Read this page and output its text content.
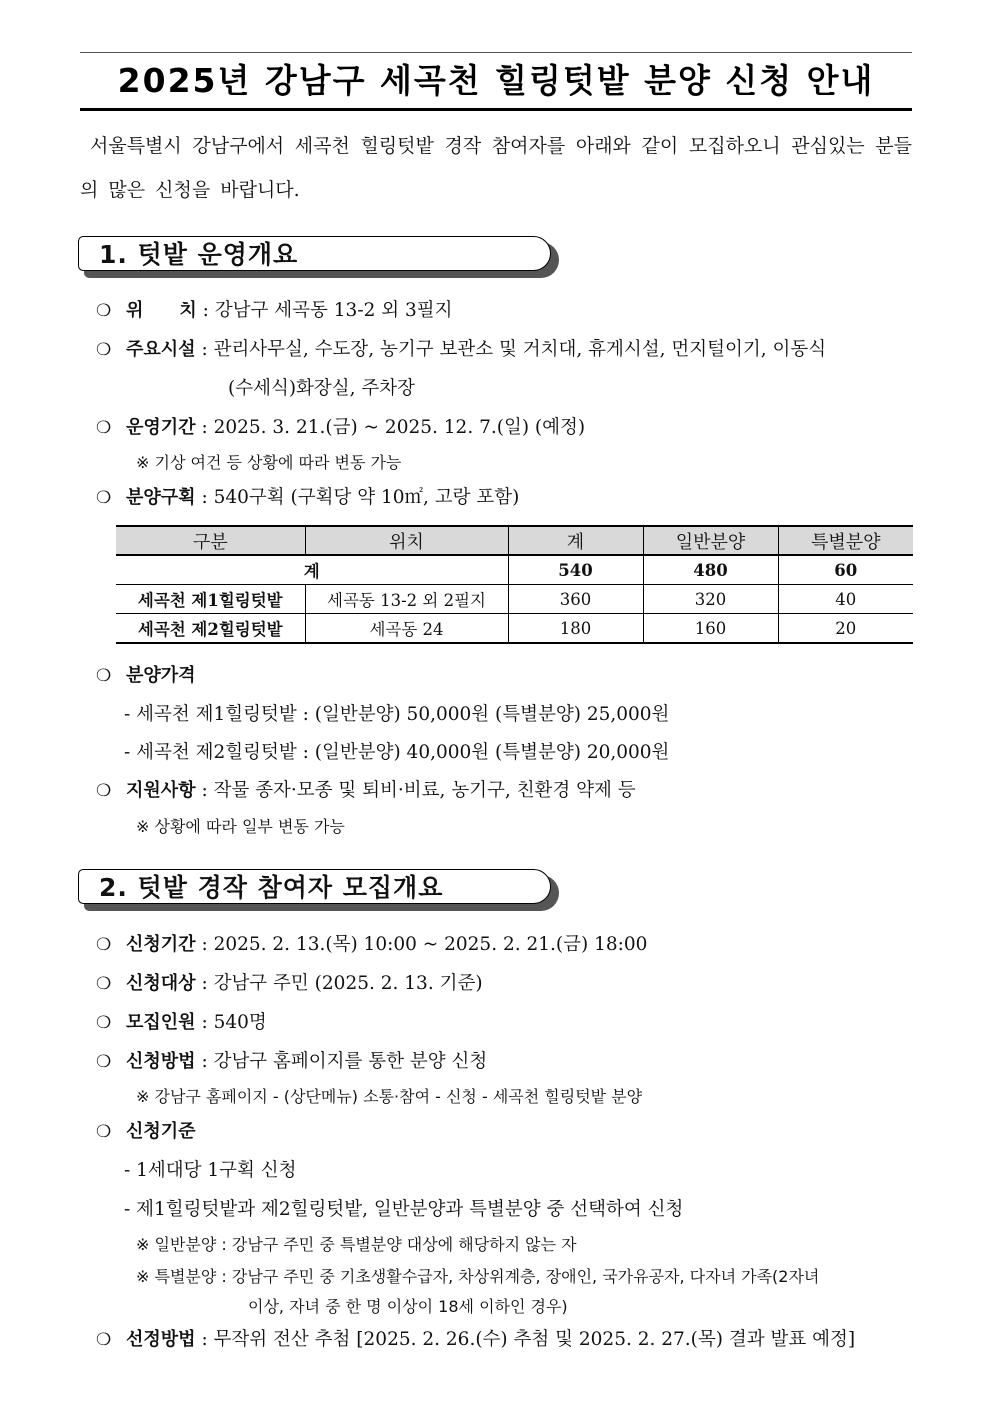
2025년 강남구 세곡천 힐링텃밭 분양 신청 안내
서울특별시 강남구에서 세곡천 힐링텃밭 경작 참여자를 아래와 같이 모집하오니 관심있는 분들의 많은 신청을 바랍니다.
1. 텃밭 운영개요
❍ 위　　치 : 강남구 세곡동 13-2 외 3필지
❍ 주요시설 : 관리사무실, 수도장, 농기구 보관소 및 거치대, 휴게시설, 먼지털이기, 이동식
(수세식)화장실, 주차장
❍ 운영기간 : 2025. 3. 21.(금) ~ 2025. 12. 7.(일) (예정)
※ 기상 여건 등 상황에 따라 변동 가능
❍ 분양구획 : 540구획 (구획당 약 10㎡, 고랑 포함)
구분	위치	계	일반분양	특별분양
계		540	480	60
세곡천 제1힐링텃밭	세곡동 13-2 외 2필지	360	320	40
세곡천 제2힐링텃밭	세곡동 24	180	160	20
❍ 분양가격
- 세곡천 제1힐링텃밭 : (일반분양) 50,000원 (특별분양) 25,000원
- 세곡천 제2힐링텃밭 : (일반분양) 40,000원 (특별분양) 20,000원
❍ 지원사항 : 작물 종자·모종 및 퇴비·비료, 농기구, 친환경 약제 등
※ 상황에 따라 일부 변동 가능
2. 텃밭 경작 참여자 모집개요
❍ 신청기간 : 2025. 2. 13.(목) 10:00 ~ 2025. 2. 21.(금) 18:00
❍ 신청대상 : 강남구 주민 (2025. 2. 13. 기준)
❍ 모집인원 : 540명
❍ 신청방법 : 강남구 홈페이지를 통한 분양 신청
※ 강남구 홈페이지 - (상단메뉴) 소통·참여 - 신청 - 세곡천 힐링텃밭 분양
❍ 신청기준
- 1세대당 1구획 신청
- 제1힐링텃밭과 제2힐링텃밭, 일반분양과 특별분양 중 선택하여 신청
※ 일반분양 : 강남구 주민 중 특별분양 대상에 해당하지 않는 자
※ 특별분양 : 강남구 주민 중 기초생활수급자, 차상위계층, 장애인, 국가유공자, 다자녀 가족(2자녀
이상, 자녀 중 한 명 이상이 18세 이하인 경우)
❍ 선정방법 : 무작위 전산 추첨 [2025. 2. 26.(수) 추첨 및 2025. 2. 27.(목) 결과 발표 예정]
